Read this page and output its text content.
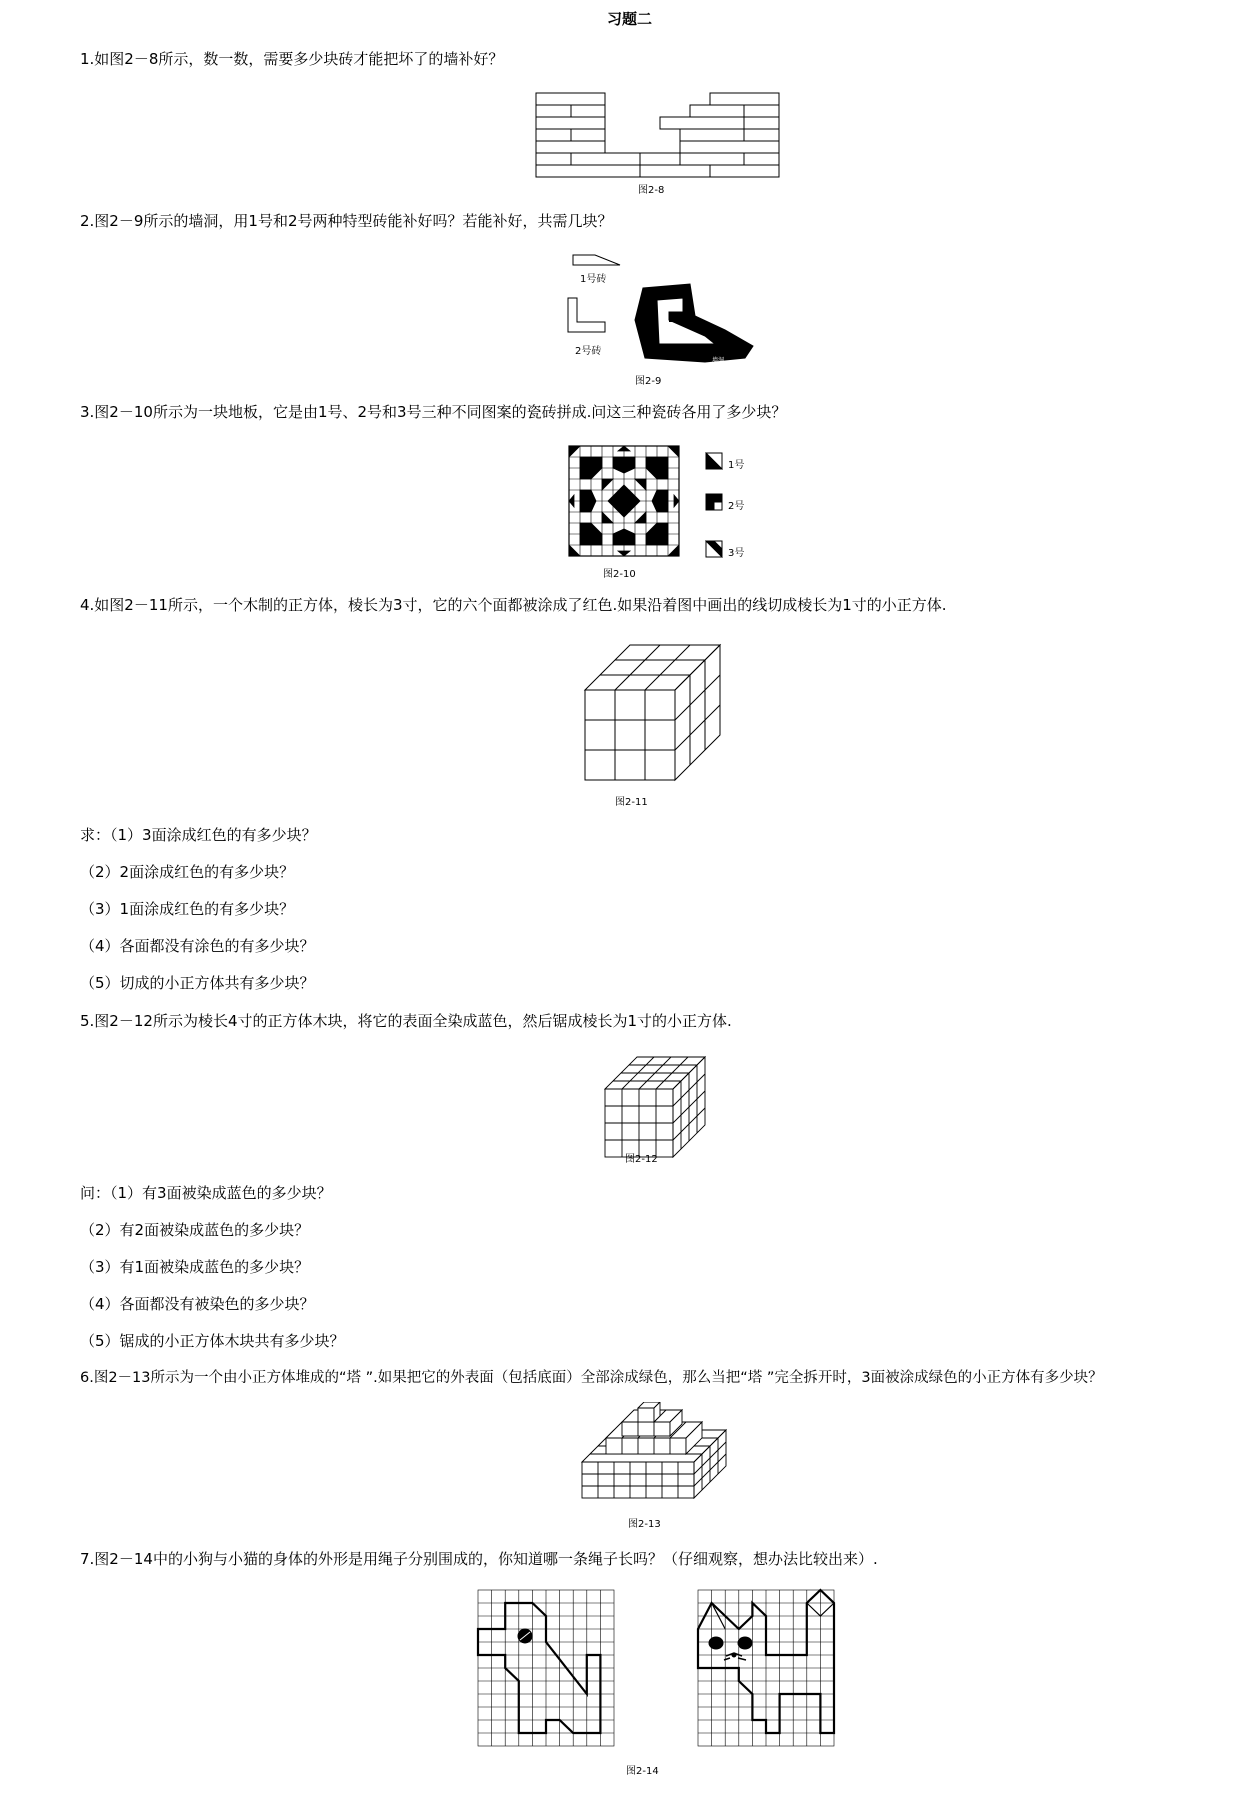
习题二
1.如图2－8所示，数一数，需要多少块砖才能把坏了的墙补好？
图2-8
2.图2－9所示的墙洞，用1号和2号两种特型砖能补好吗？若能补好，共需几块？
1号砖
2号砖
墙洞
图2-9
3.图2－10所示为一块地板，它是由1号、2号和3号三种不同图案的瓷砖拼成.问这三种瓷砖各用了多少块？
1号
2号
3号
图2-10
4.如图2－11所示，一个木制的正方体，棱长为3寸，它的六个面都被涂成了红色.如果沿着图中画出的线切成棱长为1寸的小正方体.
图2-11
求：（1）3面涂成红色的有多少块？
（2）2面涂成红色的有多少块？
（3）1面涂成红色的有多少块？
（4）各面都没有涂色的有多少块？
（5）切成的小正方体共有多少块？
5.图2－12所示为棱长4寸的正方体木块，将它的表面全染成蓝色，然后锯成棱长为1寸的小正方体.
图2-12
问：（1）有3面被染成蓝色的多少块？
（2）有2面被染成蓝色的多少块？
（3）有1面被染成蓝色的多少块？
（4）各面都没有被染色的多少块？
（5）锯成的小正方体木块共有多少块？
6.图2－13所示为一个由小正方体堆成的“塔 ”.如果把它的外表面（包括底面）全部涂成绿色，那么当把“塔 ”完全拆开时，3面被涂成绿色的小正方体有多少块？
图2-13
7.图2－14中的小狗与小猫的身体的外形是用绳子分别围成的，你知道哪一条绳子长吗？（仔细观察，想办法比较出来）.
图2-14
